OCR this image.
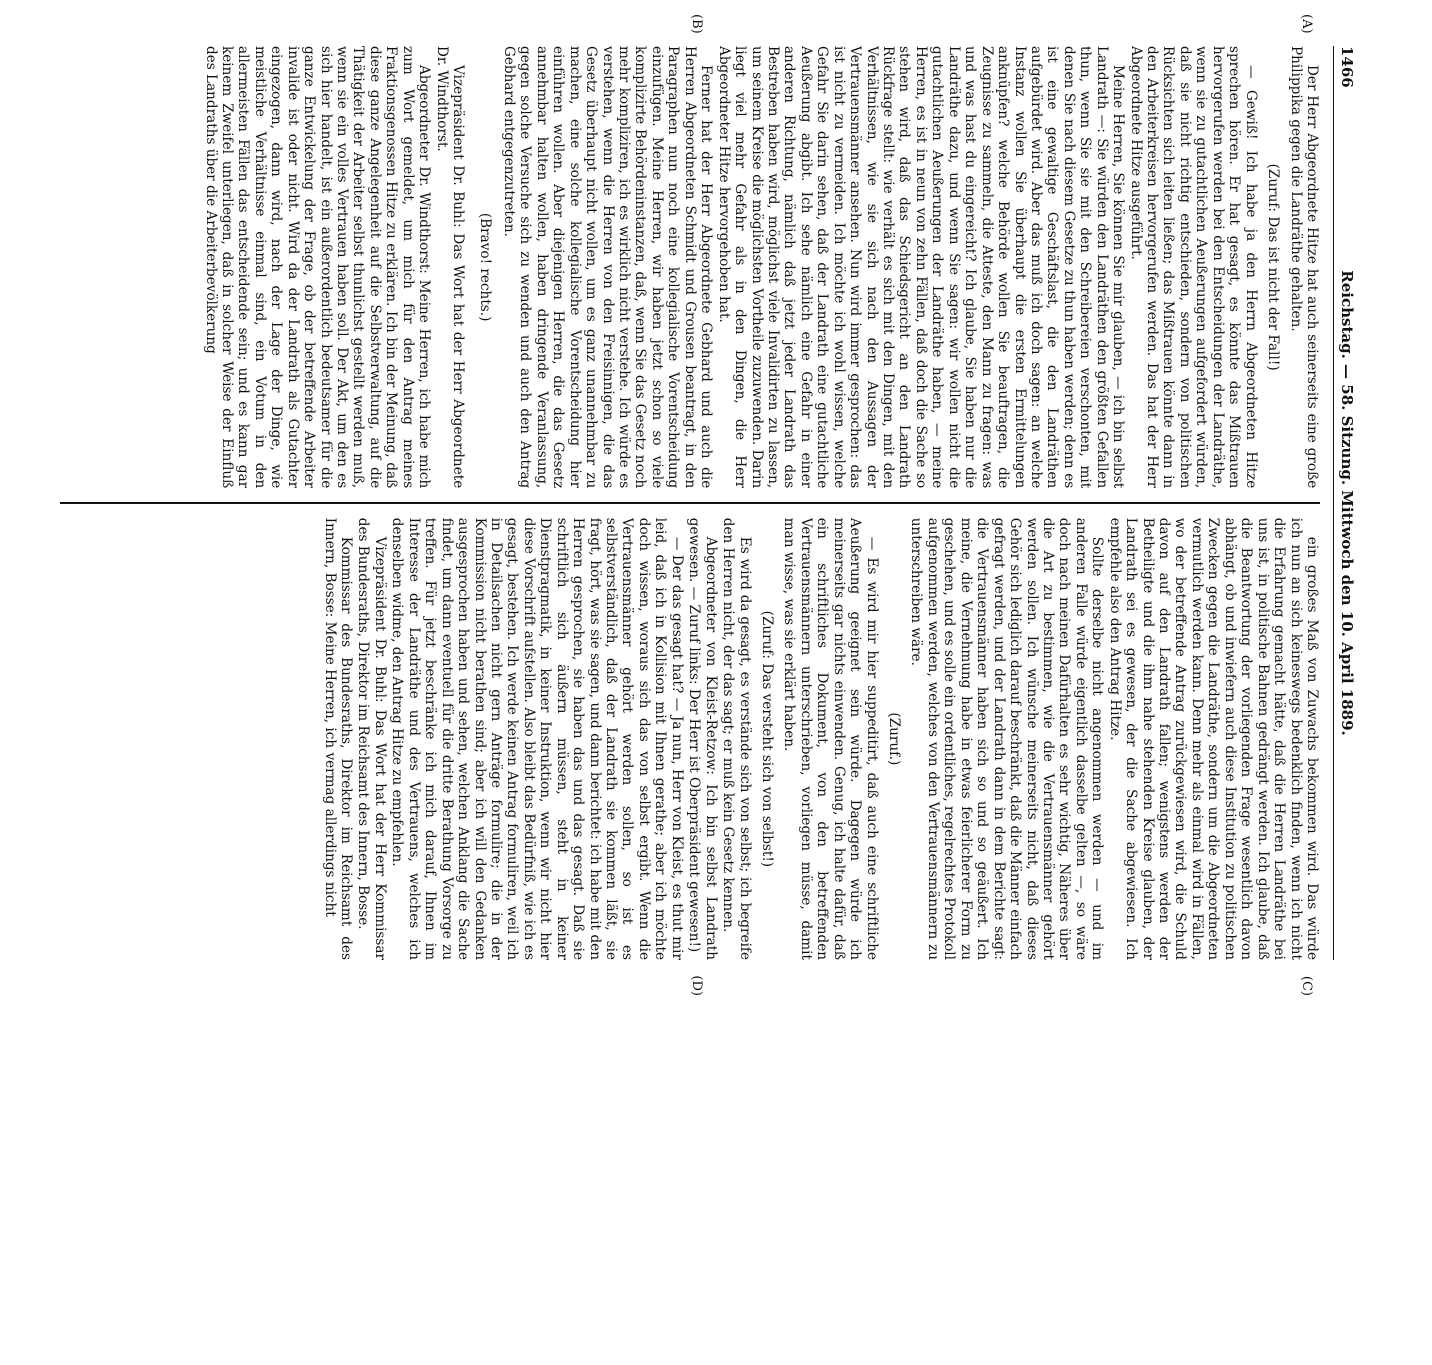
1466
Reichstag. — 58. Sitzung. Mittwoch den 10. April 1889.
(A)
(B)
(C)
(D)

Der Herr Abgeordnete Hitze hat auch seinerseits eine große Philippika gegen die Landräthe gehalten.

(Zuruf: Das ist nicht der Fall!)

— Gewiß! Ich habe ja den Herrn Abgeordneten Hitze sprechen hören. Er hat gesagt, es könnte das Mißtrauen hervorgerufen werden bei den Entscheidungen der Landräthe, wenn sie zu gutachtlichen Aeußerungen aufgefordert würden, daß sie nicht richtig entschieden, sondern von politischen Rücksichten sich leiten ließen; das Mißtrauen könnte dann in den Arbeiterkreisen hervorgerufen werden. Das hat der Herr Abgeordnete Hitze ausgeführt.

Meine Herren, Sie können Sie mir glauben, — ich bin selbst Landrath —: Sie würden den Landräthen den größten Gefallen thun, wenn Sie sie mit den Schreibereien verschonten, mit denen Sie nach diesem Gesetze zu thun haben werden; denn es ist eine gewaltige Geschäftslast, die den Landräthen aufgebürdet wird. Aber das muß ich doch sagen: an welche Instanz wollen Sie überhaupt die ersten Ermittelungen anknüpfen? welche Behörde wollen Sie beauftragen, die Zeugnisse zu sammeln, die Atteste, den Mann zu fragen: was und was hast du eingereicht? Ich glaube, Sie haben nur die Landräthe dazu, und wenn Sie sagen: wir wollen nicht die gutachtlichen Aeußerungen der Landräthe haben, — meine Herren, es ist in neun von zehn Fällen, daß doch die Sache so stehen wird, daß das Schiedsgericht an den Landrath Rückfrage stellt: wie verhält es sich mit den Dingen, mit den Verhältnissen, wie sie sich nach den Aussagen der Vertrauensmänner ansehen. Nun wird immer gesprochen: das ist nicht zu vermeiden. Ich möchte ich wohl wissen, welche Gefahr Sie darin sehen, daß der Landrath eine gutachtliche Aeußerung abgibt. Ich sehe nämlich eine Gefahr in einer anderen Richtung, nämlich daß jetzt jeder Landrath das Bestreben haben wird, möglichst viele Invalidirten zu lassen, um seinem Kreise die möglichsten Vortheile zuzuwenden. Darin liegt viel mehr Gefahr als in den Dingen, die Herr Abgeordneter Hitze hervorgehoben hat.

Ferner hat der Herr Abgeordnete Gebhard und auch die Herren Abgeordneten Schmidt und Grousen beantragt, in den Paragraphen nun noch eine kollegialische Vorentscheidung einzufügen. Meine Herren, wir haben jetzt schon so viele komplizirte Behördeninstanzen, daß, wenn Sie das Gesetz noch mehr kompliziren, ich es wirklich nicht verstehe. Ich würde es verstehen, wenn die Herren von den Freisinnigen, die das Gesetz überhaupt nicht wollen, um es ganz unannehmbar zu machen, eine solche kollegialische Vorentscheidung hier einführen wollen. Aber diejenigen Herren, die das Gesetz annehmbar halten wollen, haben dringende Veranlassung, gegen solche Versuche sich zu wenden und auch den Antrag Gebhard entgegenzutreten.

(Bravo! rechts.)

Vizepräsident Dr. Buhl: Das Wort hat der Herr Abgeordnete Dr. Windthorst.

Abgeordneter Dr. Windthorst: Meine Herren, ich habe mich zum Wort gemeldet, um mich für den Antrag meines Fraktionsgenossen Hitze zu erklären. Ich bin der Meinung, daß diese ganze Angelegenheit auf die Selbstverwaltung, auf die Thätigkeit der Arbeiter selbst thunlichst gestellt werden muß, wenn sie ein volles Vertrauen haben soll. Der Akt, um den es sich hier handelt, ist ein außerordentlich bedeutsamer für die ganze Entwickelung der Frage, ob der betreffende Arbeiter invalide ist oder nicht. Wird da der Landrath als Gutachter eingezogen, dann wird, nach der Lage der Dinge, wie meistliche Verhältnisse einmal sind, ein Votum in den allermeisten Fällen das entscheidende sein; und es kann gar keinem Zweifel unterliegen, daß in solcher Weise der Einfluß des Landraths über die Arbeiterbevölkerung

ein großes Maß von Zuwachs bekommen wird. Das würde ich nun an sich keineswegs bedenklich finden, wenn ich nicht die Erfahrung gemacht hätte, daß die Herren Landräthe bei uns ist, in politische Bahnen gedrängt werden. Ich glaube, daß die Beantwortung der vorliegenden Frage wesentlich davon abhängt, ob und inwiefern auch diese Institution zu politischen Zwecken gegen die Landräthe, sondern um die Abgeordneten vermutlich werden kann. Denn mehr als einmal wird in Fällen, wo der betreffende Antrag zurückgewiesen wird, die Schuld davon auf den Landrath fallen; wenigstens werden der Betheiligte und die ihm nahe stehenden Kreise glauben, der Landrath sei es gewesen, der die Sache abgewiesen. Ich empfehle also den Antrag Hitze.

Sollte derselbe nicht angenommen werden — und im anderen Falle würde eigentlich dasselbe gelten —, so wäre doch nach meinen Dafürhalten es sehr wichtig, Näheres über die Art zu bestimmen, wie die Vertrauensmänner gehört werden sollen. Ich wünsche meinerseits nicht, daß dieses Gehör sich lediglich darauf beschränkt, daß die Männer einfach gefragt werden, und der Landrath dann in dem Berichte sagt: die Vertrauensmänner haben sich so und so geäußert. Ich meine, die Vernehmung habe in etwas feierlicherer Form zu geschehen, und es solle ein ordentliches, regelrechtes Protokoll aufgenommen werden, welches von den Vertrauensmännern zu unterschreiben wäre.

(Zuruf.)

— Es wird mir hier suppeditirt, daß auch eine schriftliche Aeußerung geeignet sein würde. Dagegen würde ich meinerseits gar nichts einwenden. Genug, ich halte dafür, daß ein schriftliches Dokument, von den betreffenden Vertrauensmännern unterschrieben, vorliegen müsse, damit man wisse, was sie erklärt haben.

(Zuruf: Das versteht sich von selbst!)

Es wird da gesagt, es verstände sich von selbst; ich begreife den Herren nicht, der das sagt; er muß kein Gesetz kennen.

Abgeordneter von Kleist-Retzow: Ich bin selbst Landrath gewesen. — Zuruf links: Der Herr ist Oberpräsident gewesen!)

— Der das gesagt hat? — Ja nun, Herr von Kleist, es thut mir leid, daß ich in Kollision mit Ihnen gerathe; aber ich möchte doch wissen, woraus sich das von selbst ergibt. Wenn die Vertrauensmänner gehört werden sollen, so ist es selbstverständlich, daß der Landrath sie kommen läßt, sie fragt, hört, was sie sagen, und dann berichtet: ich habe mit den Herren gesprochen, sie haben das und das gesagt. Daß sie schriftlich sich äußern müssen, steht in keiner Dienstpragmatik, in keiner Instruktion, wenn wir nicht hier diese Vorschrift aufstellen. Also bleibt das Bedürfniß, wie ich es gesagt, bestehen. Ich werde keinen Antrag formuliren, weil ich in Detailsachen nicht gern Anträge formulire; die in der Kommission nicht berathen sind; aber ich will den Gedanken ausgesprochen haben und sehen, welchen Anklang die Sache findet, um dann eventuell für die dritte Berathung Vorsorge zu treffen. Für jetzt beschränke ich mich darauf, Ihnen im Interesse der Landräthe und des Vertrauens, welches ich denselben widme, den Antrag Hitze zu empfehlen.

Vizepräsident Dr. Buhl: Das Wort hat der Herr Kommissar des Bundesraths, Direktor im Reichsamt des Innern, Bosse.

Kommissar des Bundesraths, Direktor im Reichsamt des Innern, Bosse: Meine Herren, ich vermag allerdings nicht
